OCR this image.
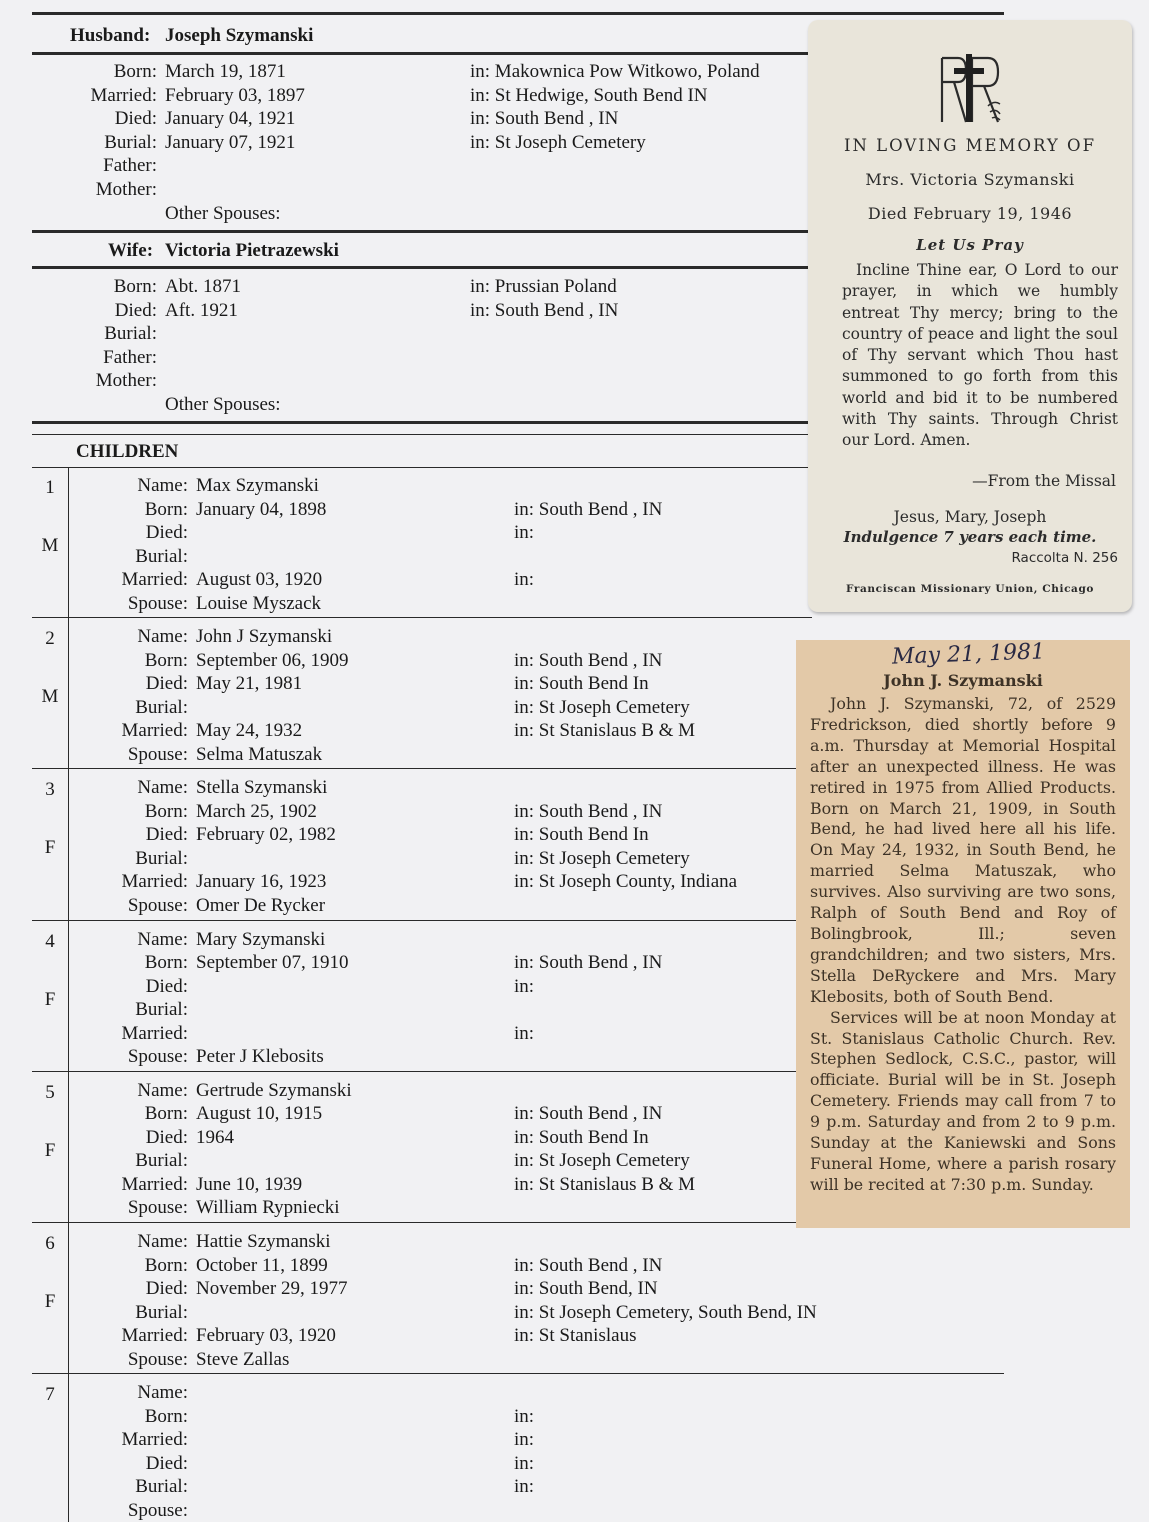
Husband: Joseph Szymanski
Born: March 19, 1871	in: Makownica Pow Witkowo, Poland
Married: February 03, 1897	in: St Hedwige, South Bend IN
Died: January 04, 1921	in: South Bend , IN
Burial: January 07, 1921	in: St Joseph Cemetery
Father:
Mother:
Other Spouses:
Wife: Victoria Pietrazewski
Born: Abt. 1871	in: Prussian Poland
Died: Aft. 1921	in: South Bend , IN
Burial:
Father:
Mother:
Other Spouses:
CHILDREN
1
M
Name: Max Szymanski
Born: January 04, 1898	in: South Bend , IN
Died:	in:
Burial:
Married: August 03, 1920	in:
Spouse: Louise Myszack
2
M
Name: John J Szymanski
Born: September 06, 1909	in: South Bend , IN
Died: May 21, 1981	in: South Bend In
Burial:	in: St Joseph Cemetery
Married: May 24, 1932	in: St Stanislaus B & M
Spouse: Selma Matuszak
3
F
Name: Stella Szymanski
Born: March 25, 1902	in: South Bend , IN
Died: February 02, 1982	in: South Bend In
Burial:	in: St Joseph Cemetery
Married: January 16, 1923	in: St Joseph County, Indiana
Spouse: Omer De Rycker
4
F
Name: Mary Szymanski
Born: September 07, 1910	in: South Bend , IN
Died:	in:
Burial:
Married:	in:
Spouse: Peter J Klebosits
5
F
Name: Gertrude Szymanski
Born: August 10, 1915	in: South Bend , IN
Died: 1964	in: South Bend In
Burial:	in: St Joseph Cemetery
Married: June 10, 1939	in: St Stanislaus B & M
Spouse: William Rypniecki
6
F
Name: Hattie Szymanski
Born: October 11, 1899	in: South Bend , IN
Died: November 29, 1977	in: South Bend, IN
Burial:	in: St Joseph Cemetery, South Bend, IN
Married: February 03, 1920	in: St Stanislaus
Spouse: Steve Zallas
7	Name:
Born:	in:
Married:	in:
Died:	in:
Burial:	in:
Spouse:
IN LOVING MEMORY OF
Mrs. Victoria Szymanski
Died February 19, 1946
Let Us Pray
Incline Thine ear, O Lord to our prayer, in which we humbly entreat Thy mercy; bring to the country of peace and light the soul of Thy servant which Thou hast summoned to go forth from this world and bid it to be numbered with Thy saints. Through Christ our Lord. Amen.
—From the Missal
Jesus, Mary, Joseph
Indulgence 7 years each time.
Raccolta N. 256
Franciscan Missionary Union, Chicago
May 21, 1981
John J. Szymanski
John J. Szymanski, 72, of 2529 Fredrickson, died shortly before 9 a.m. Thursday at Memorial Hospital after an unexpected illness. He was retired in 1975 from Allied Products. Born on March 21, 1909, in South Bend, he had lived here all his life. On May 24, 1932, in South Bend, he married Selma Matuszak, who survives. Also surviving are two sons, Ralph of South Bend and Roy of Bolingbrook, Ill.; seven grandchildren; and two sisters, Mrs. Stella DeRyckere and Mrs. Mary Klebosits, both of South Bend.
Services will be at noon Monday at St. Stanislaus Catholic Church. Rev. Stephen Sedlock, C.S.C., pastor, will officiate. Burial will be in St. Joseph Cemetery. Friends may call from 7 to 9 p.m. Saturday and from 2 to 9 p.m. Sunday at the Kaniewski and Sons Funeral Home, where a parish rosary will be recited at 7:30 p.m. Sunday.
